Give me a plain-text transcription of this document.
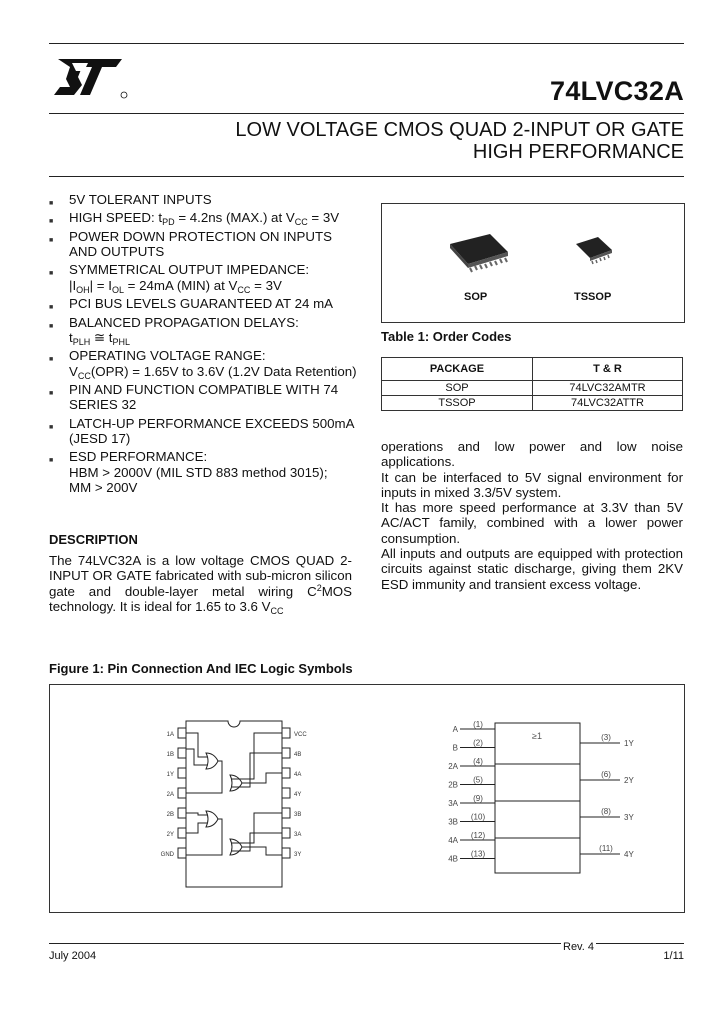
74LVC32A
LOW VOLTAGE CMOS QUAD 2-INPUT OR GATE
HIGH PERFORMANCE
■ 5V TOLERANT INPUTS
■ HIGH SPEED: $t_{PD} = 4.2ns$ (MAX.) at $V_{CC} = 3V$
■ POWER DOWN PROTECTION ON INPUTS AND OUTPUTS
■ SYMMETRICAL OUTPUT IMPEDANCE:
$|I_{OH}| = I_{OL} = 24mA$ (MIN) at $V_{CC} = 3V$
■ PCI BUS LEVELS GUARANTEED AT 24 mA
■ BALANCED PROPAGATION DELAYS:
$t_{PLH}$ ≅ $t_{PHL}$
■ OPERATING VOLTAGE RANGE:
$V_{CC}(OPR) = 1.65V$ to 3.6V (1.2V Data Retention)
■ PIN AND FUNCTION COMPATIBLE WITH 74 SERIES 32
■ LATCH-UP PERFORMANCE EXCEEDS 500mA (JESD 17)
■ ESD PERFORMANCE:
HBM > 2000V (MIL STD 883 method 3015);
MM > 200V
DESCRIPTION
The 74LVC32A is a low voltage CMOS QUAD 2-INPUT OR GATE fabricated with sub-micron silicon gate and double-layer metal wiring $C^2MOS$ technology. It is ideal for 1.65 to 3.6 $V_{CC}$
operations and low power and low noise applications.
It can be interfaced to 5V signal environment for inputs in mixed 3.3/5V system.
It has more speed performance at 3.3V than 5V AC/ACT family, combined with a lower power consumption.
All inputs and outputs are equipped with protection circuits against static discharge, giving them 2KV ESD immunity and transient excess voltage.
SOP	TSSOP
Table 1: Order Codes
PACKAGE	T & R
SOP	74LVC32AMTR
TSSOP	74LVC32ATTR
Figure 1: Pin Connection And IEC Logic Symbols
1A
1B
1Y
2A
2B
2Y
GND
VCC
4B
4A
4Y
3B
3A
3Y
≥1
A
(1)
B
(2)
2A
(4)
2B
(5)
3A
(9)
3B
(10)
4A
(12)
4B
(13)
(3)
1Y
(6)
2Y
(8)
3Y
(11)
4Y
Rev. 4
July 2004	1/11
